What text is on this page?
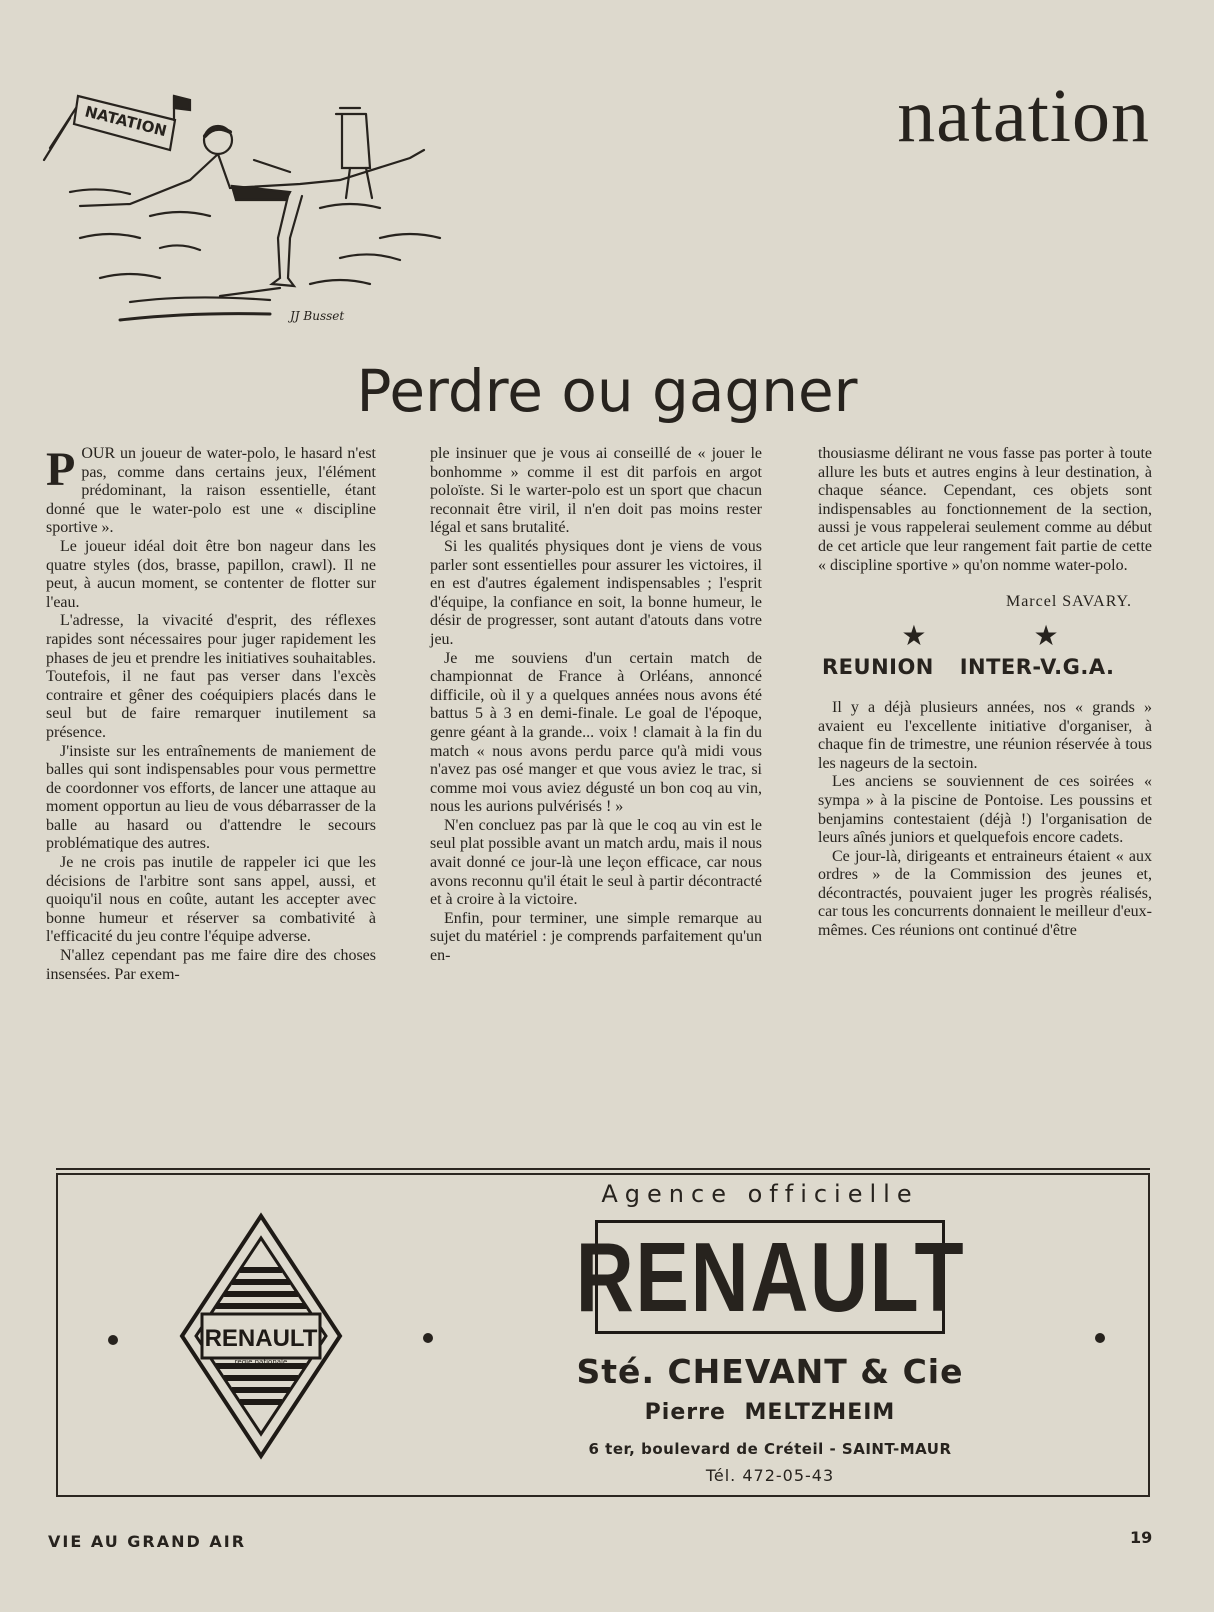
natation
NATATION
JJ Busset
Perdre ou gagner

POUR un joueur de water-polo, le hasard n'est pas, comme dans certains jeux, l'élément prédominant, la raison essentielle, étant donné que le water-polo est une « discipline sportive ».

Le joueur idéal doit être bon nageur dans les quatre styles (dos, brasse, papillon, crawl). Il ne peut, à aucun moment, se contenter de flotter sur l'eau.

L'adresse, la vivacité d'esprit, des réflexes rapides sont nécessaires pour juger rapidement les phases de jeu et prendre les initiatives souhaitables. Toutefois, il ne faut pas verser dans l'excès contraire et gêner des coéquipiers placés dans le seul but de faire remarquer inutilement sa présence.

J'insiste sur les entraînements de maniement de balles qui sont indispensables pour vous permettre de coordonner vos efforts, de lancer une attaque au moment opportun au lieu de vous débarrasser de la balle au hasard ou d'attendre le secours problématique des autres.

Je ne crois pas inutile de rappeler ici que les décisions de l'arbitre sont sans appel, aussi, et quoiqu'il nous en coûte, autant les accepter avec bonne humeur et réserver sa combativité à l'efficacité du jeu contre l'équipe adverse.

N'allez cependant pas me faire dire des choses insensées. Par exem-

ple insinuer que je vous ai conseillé de « jouer le bonhomme » comme il est dit parfois en argot poloïste. Si le warter-polo est un sport que chacun reconnait être viril, il n'en doit pas moins rester légal et sans brutalité.

Si les qualités physiques dont je viens de vous parler sont essentielles pour assurer les victoires, il en est d'autres également indispensables ; l'esprit d'équipe, la confiance en soit, la bonne humeur, le désir de progresser, sont autant d'atouts dans votre jeu.

Je me souviens d'un certain match de championnat de France à Orléans, annoncé difficile, où il y a quelques années nous avons été battus 5 à 3 en demi-finale. Le goal de l'époque, genre géant à la grande... voix ! clamait à la fin du match « nous avons perdu parce qu'à midi vous n'avez pas osé manger et que vous aviez le trac, si comme moi vous aviez dégusté un bon coq au vin, nous les aurions pulvérisés ! »

N'en concluez pas par là que le coq au vin est le seul plat possible avant un match ardu, mais il nous avait donné ce jour-là une leçon efficace, car nous avons reconnu qu'il était le seul à partir décontracté et à croire à la victoire.

Enfin, pour terminer, une simple remarque au sujet du matériel : je comprends parfaitement qu'un en-

thousiasme délirant ne vous fasse pas porter à toute allure les buts et autres engins à leur destination, à chaque séance. Cependant, ces objets sont indispensables au fonctionnement de la section, aussi je vous rappelerai seulement comme au début de cet article que leur rangement fait partie de cette « discipline sportive » qu'on nomme water-polo.

Marcel SAVARY.
★ ★
REUNION INTER-V.G.A.

Il y a déjà plusieurs années, nos « grands » avaient eu l'excellente initiative d'organiser, à chaque fin de trimestre, une réunion réservée à tous les nageurs de la sectoin.

Les anciens se souviennent de ces soirées « sympa » à la piscine de Pontoise. Les poussins et benjamins contestaient (déjà !) l'organisation de leurs aînés juniors et quelquefois encore cadets.

Ce jour-là, dirigeants et entraineurs étaient « aux ordres » de la Commission des jeunes et, décontractés, pouvaient juger les progrès réalisés, car tous les concurrents donnaient le meilleur d'eux-mêmes. Ces réunions ont continué d'être

RENAULT
régie nationale
Agence officielle
RENAULT
Sté. CHEVANT & Cie
Pierre MELTZHEIM
6 ter, boulevard de Créteil - SAINT-MAUR
Tél. 472-05-43
VIE AU GRAND AIR	19
